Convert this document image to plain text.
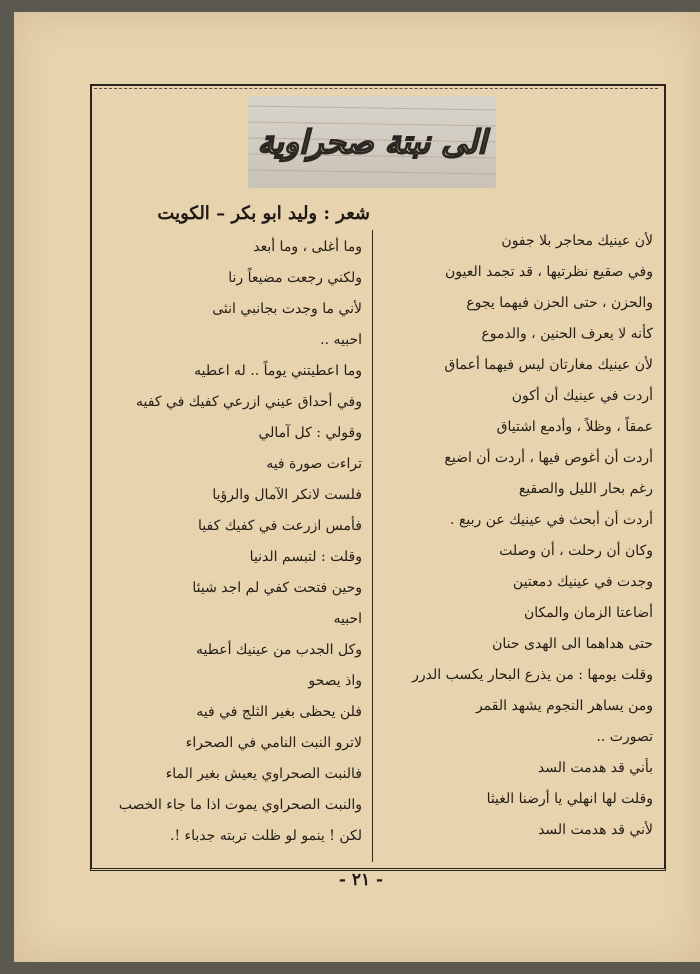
الى نبتة صحراوية
شعر : وليد ابو بكر – الكويت
لأن عينيك محاجر بلا جفون
وفي صقيع نظرتيها ، قد تجمد العيون
والحزن ، حتى الحزن فيهما يجوع
كأنه لا يعرف الحنين ، والدموع
لأن عينيك مغارتان ليس فيهما أعماق
أردت في عينيك أن أكون
عمقاً ، وظلاً ، وأدمع اشتياق
أردت أن أغوص فيها ، أردت أن اضيع
رغم بحار الليل والصقيع
أردت أن أبحث في عينيك عن ربيع .
وكان أن رحلت ، أن وصلت
وجدت في عينيك دمعتين
أضاعتا الزمان والمكان
حتى هداهما الى الهدى حنان
وقلت يومها : من يذرع البحار يكسب الدرر
ومن يساهر النجوم يشهد القمر
تصورت ..
بأني قد هدمت السد
وقلت لها انهلي يا أرضنا الغيثا
لأني قد هدمت السد
وما أغلى ، وما أبعد
ولكني رجعت مضيعاً رنا
لأني ما وجدت بجانبي انثى
احبيه ..
وما اعطيتني يوماً .. له اعطيه
وفي أحداق عيني ازرعي كفيك في كفيه
وقولي : كل آمالي
تراءت صورة فيه
فلست لانكر الآمال والرؤيا
فأمس ازرعت في كفيك كفيا
وقلت : لتبسم الدنيا
وحين فتحت كفي لم اجد شيئا
احبيه
وكل الجدب من عينيك أعطيه
واذ يصحو
فلن يحظى بغير الثلج في فيه
لاترو النبت النامي في الصحراء
فالنبت الصحراوي يعيش بغير الماء
والنبت الصحراوي يموت اذا ما جاء الخصب
لكن ! ينمو لو ظلت تربته جدباء !.
- ٢١ -
